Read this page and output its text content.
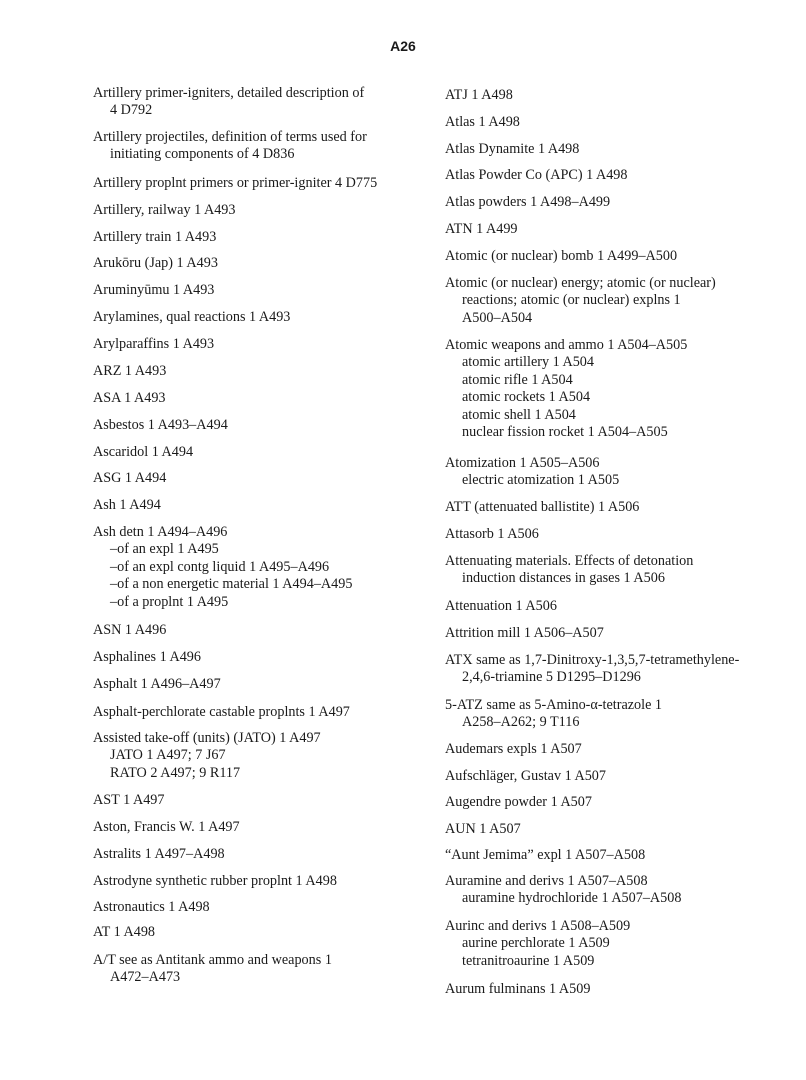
A26
Artillery primer-igniters, detailed description of
4 D792
Artillery projectiles, definition of terms used for
initiating components of 4 D836
Artillery proplnt primers or primer-igniter 4 D775
Artillery, railway 1 A493
Artillery train 1 A493
Arukōru (Jap) 1 A493
Aruminyūmu 1 A493
Arylamines, qual reactions 1 A493
Arylparaffins 1 A493
ARZ 1 A493
ASA 1 A493
Asbestos 1 A493–A494
Ascaridol 1 A494
ASG 1 A494
Ash 1 A494
Ash detn 1 A494–A496
–of an expl 1 A495
–of an expl contg liquid 1 A495–A496
–of a non energetic material 1 A494–A495
–of a proplnt 1 A495
ASN 1 A496
Asphalines 1 A496
Asphalt 1 A496–A497
Asphalt-perchlorate castable proplnts 1 A497
Assisted take-off (units) (JATO) 1 A497
JATO 1 A497; 7 J67
RATO 2 A497; 9 R117
AST 1 A497
Aston, Francis W. 1 A497
Astralits 1 A497–A498
Astrodyne synthetic rubber proplnt 1 A498
Astronautics 1 A498
AT 1 A498
A/T see as Antitank ammo and weapons 1
A472–A473
ATJ 1 A498
Atlas 1 A498
Atlas Dynamite 1 A498
Atlas Powder Co (APC) 1 A498
Atlas powders 1 A498–A499
ATN 1 A499
Atomic (or nuclear) bomb 1 A499–A500
Atomic (or nuclear) energy; atomic (or nuclear)
reactions; atomic (or nuclear) explns 1
A500–A504
Atomic weapons and ammo 1 A504–A505
atomic artillery 1 A504
atomic rifle 1 A504
atomic rockets 1 A504
atomic shell 1 A504
nuclear fission rocket 1 A504–A505
Atomization 1 A505–A506
electric atomization 1 A505
ATT (attenuated ballistite) 1 A506
Attasorb 1 A506
Attenuating materials. Effects of detonation
induction distances in gases 1 A506
Attenuation 1 A506
Attrition mill 1 A506–A507
ATX same as 1,7-Dinitroxy-1,3,5,7-tetramethylene-
2,4,6-triamine 5 D1295–D1296
5-ATZ same as 5-Amino-α-tetrazole 1
A258–A262; 9 T116
Audemars expls 1 A507
Aufschläger, Gustav 1 A507
Augendre powder 1 A507
AUN 1 A507
“Aunt Jemima” expl 1 A507–A508
Auramine and derivs 1 A507–A508
auramine hydrochloride 1 A507–A508
Aurinc and derivs 1 A508–A509
aurine perchlorate 1 A509
tetranitroaurine 1 A509
Aurum fulminans 1 A509
